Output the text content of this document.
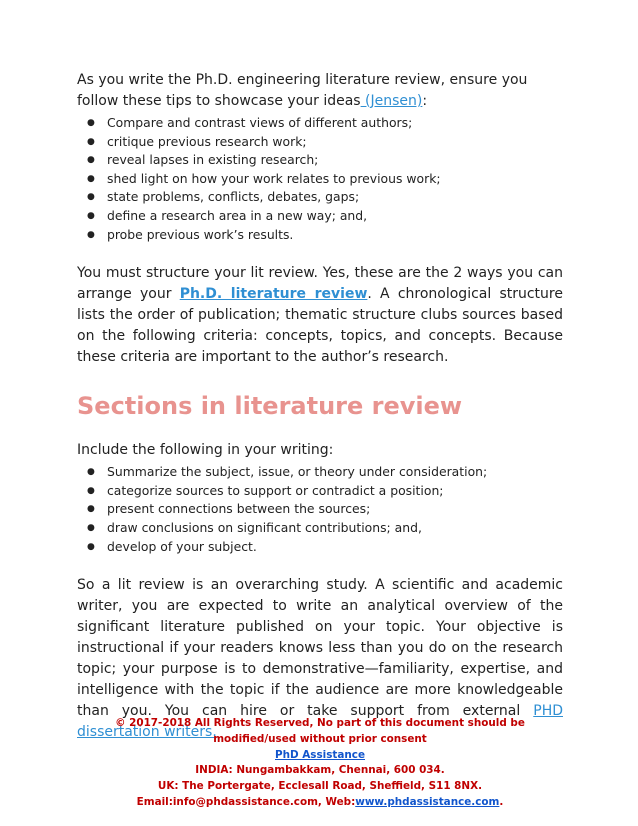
As you write the Ph.D. engineering literature review, ensure you follow these tips to showcase your ideas (Jensen):

● Compare and contrast views of different authors;
● critique previous research work;
● reveal lapses in existing research;
● shed light on how your work relates to previous work;
● state problems, conflicts, debates, gaps;
● define a research area in a new way; and,
● probe previous work’s results.

You must structure your lit review. Yes, these are the 2 ways you can arrange your Ph.D. literature review. A chronological structure lists the order of publication; thematic structure clubs sources based on the following criteria: concepts, topics, and concepts. Because these criteria are important to the author’s research.

Sections in literature review

Include the following in your writing:

● Summarize the subject, issue, or theory under consideration;
● categorize sources to support or contradict a position;
● present connections between the sources;
● draw conclusions on significant contributions; and,
● develop of your subject.

So a lit review is an overarching study. A scientific and academic writer, you are expected to write an analytical overview of the significant literature published on your topic. Your objective is instructional if your readers knows less than you do on the research topic; your purpose is to demonstrative—familiarity, expertise, and intelligence with the topic if the audience are more knowledgeable than you. You can hire or take support from external PHD dissertation writers.

© 2017-2018 All Rights Reserved, No part of this document should be
modified/used without prior consent
PhD Assistance
INDIA: Nungambakkam, Chennai, 600 034.
UK: The Portergate, Ecclesall Road, Sheffield, S11 8NX.
Email:info@phdassistance.com, Web:www.phdassistance.com.
